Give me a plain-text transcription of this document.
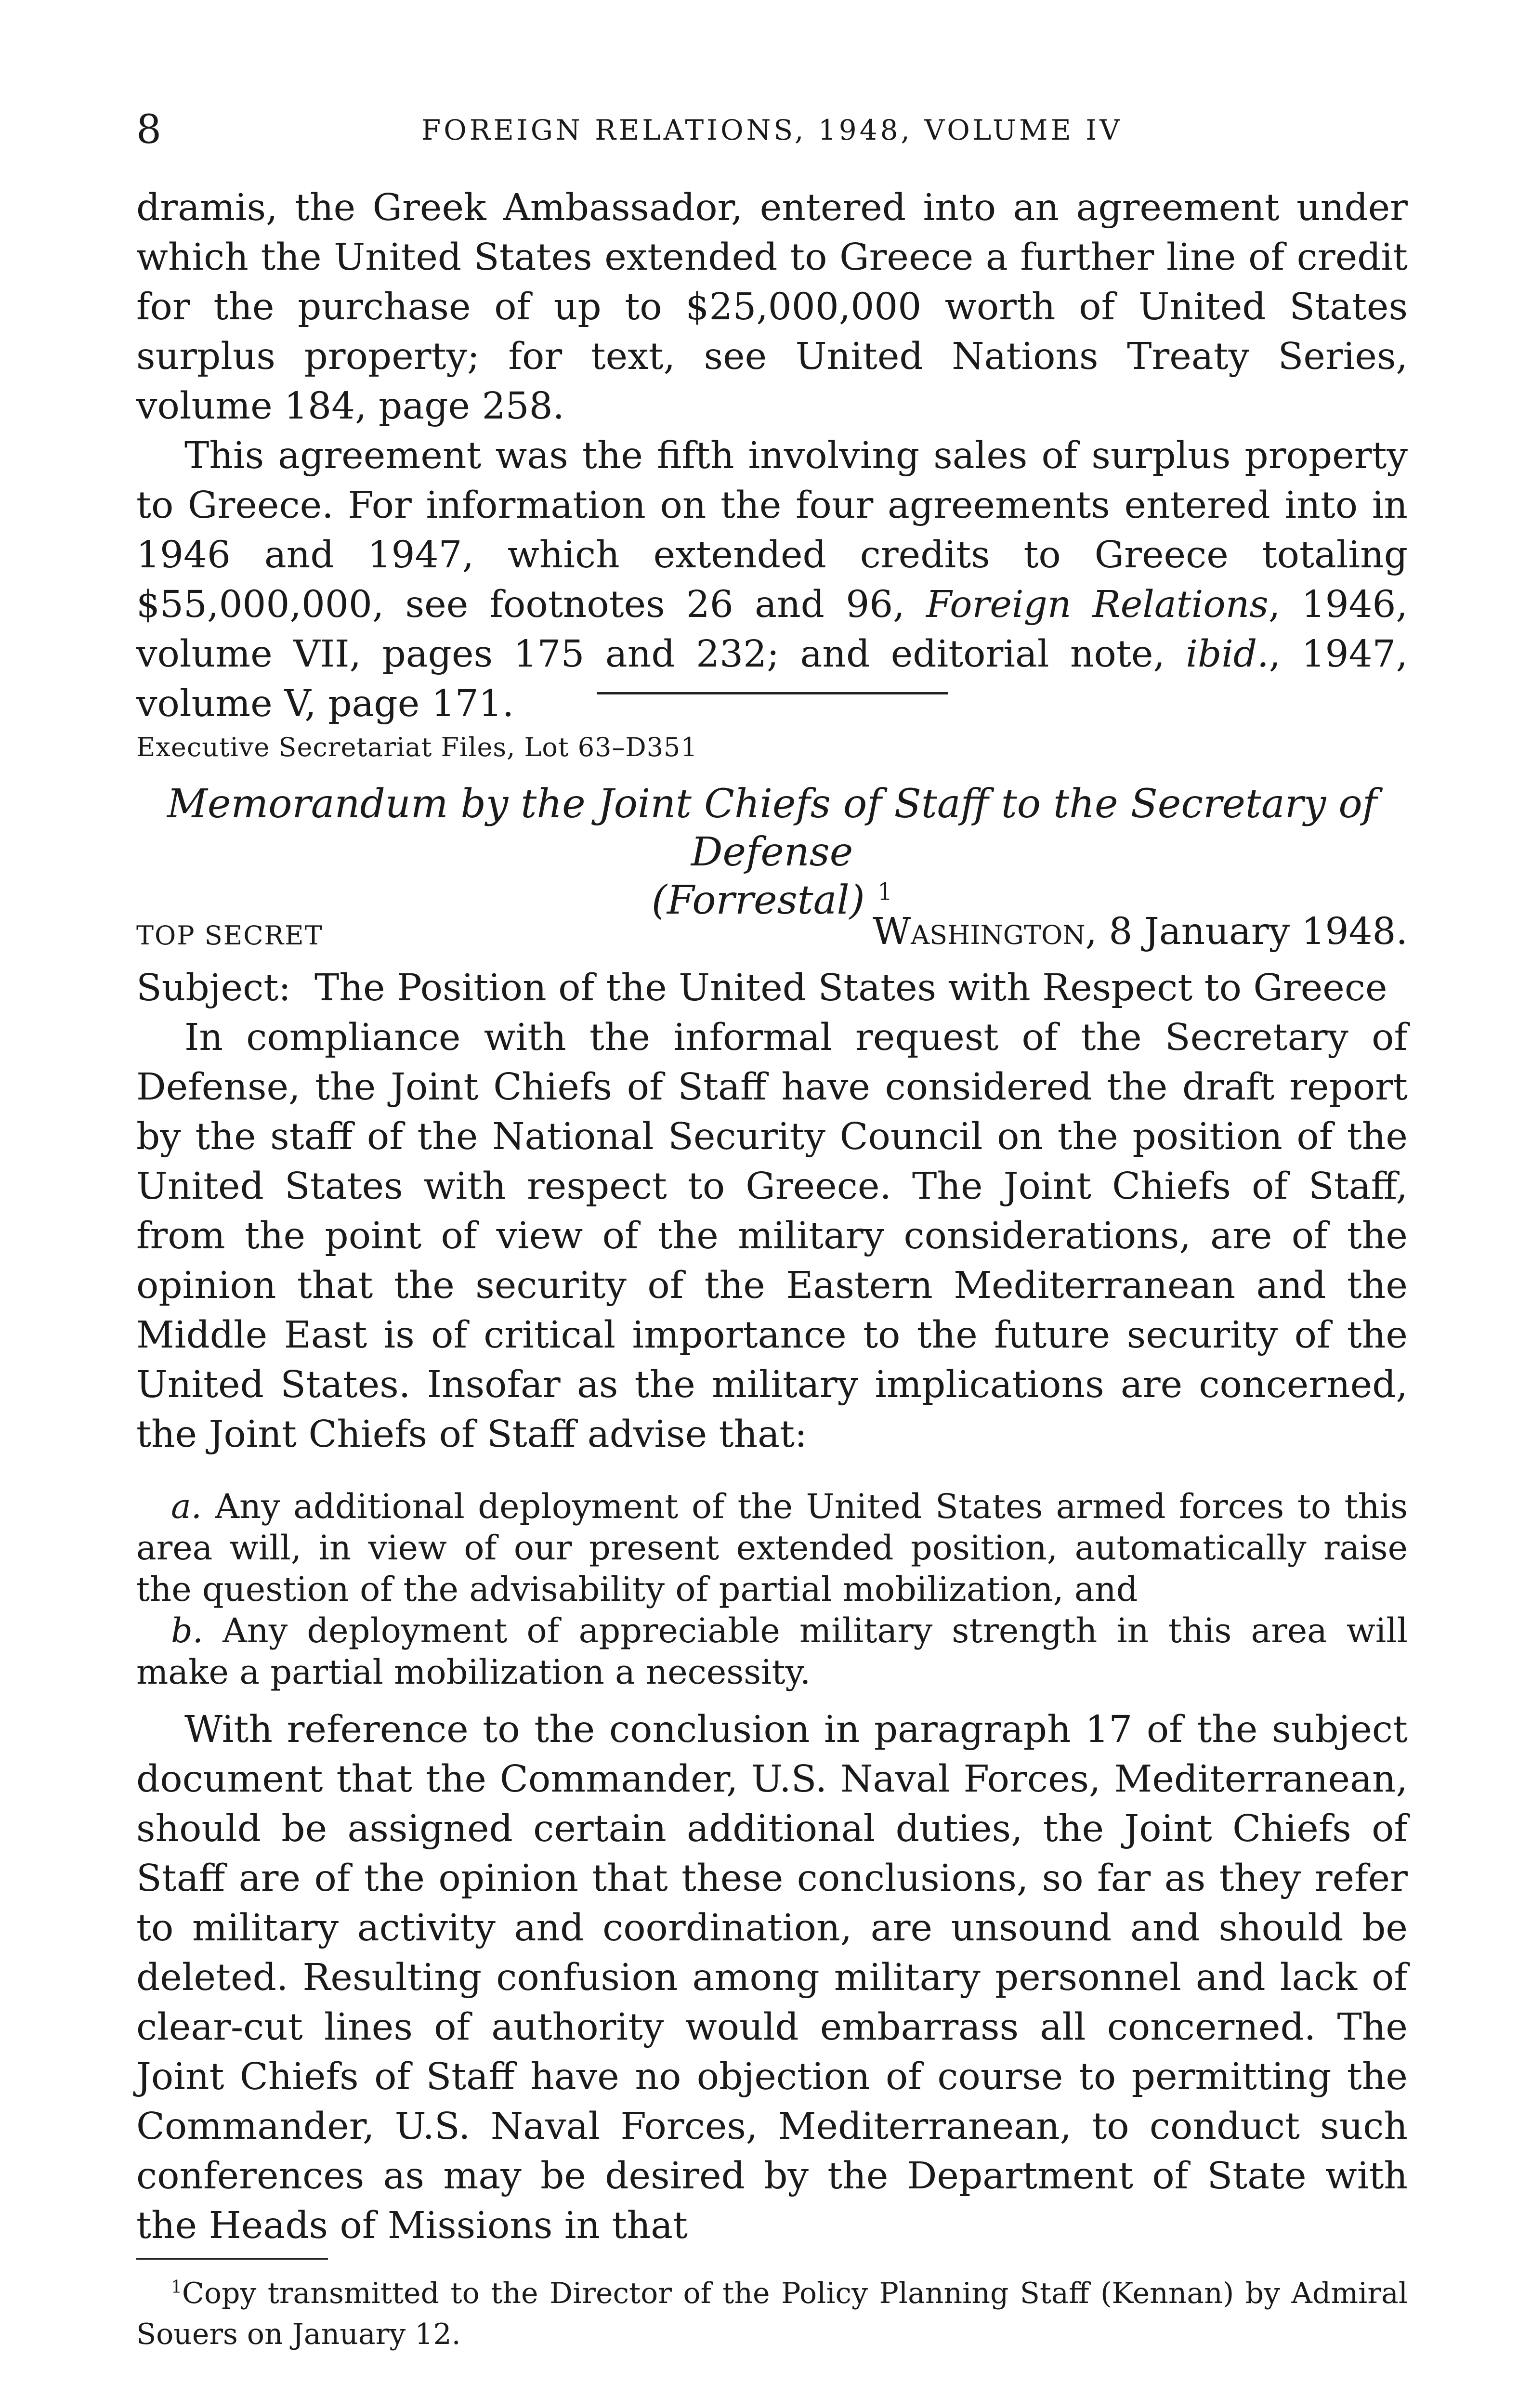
8	FOREIGN RELATIONS, 1948, VOLUME IV

dramis, the Greek Ambassador, entered into an agreement under which the United States extended to Greece a further line of credit for the purchase of up to $25,000,000 worth of United States surplus property; for text, see United Nations Treaty Series, volume 184, page 258.

This agreement was the fifth involving sales of surplus property to Greece. For information on the four agreements entered into in 1946 and 1947, which extended credits to Greece totaling $55,000,000, see footnotes 26 and 96, Foreign Relations, 1946, volume VII, pages 175 and 232; and editorial note, ibid., 1947, volume V, page 171.

Executive Secretariat Files, Lot 63–D351
Memorandum by the Joint Chiefs of Staff to the Secretary of Defense
(Forrestal) $^1$
TOP SECRET	Washington, 8 January 1948.

Subject: The Position of the United States with Respect to Greece

In compliance with the informal request of the Secretary of Defense, the Joint Chiefs of Staff have considered the draft report by the staff of the National Security Council on the position of the United States with respect to Greece. The Joint Chiefs of Staff, from the point of view of the military considerations, are of the opinion that the security of the Eastern Mediterranean and the Middle East is of critical importance to the future security of the United States. Insofar as the military implications are concerned, the Joint Chiefs of Staff advise that:

a. Any additional deployment of the United States armed forces to this area will, in view of our present extended position, automatically raise the question of the advisability of partial mobilization, and

b. Any deployment of appreciable military strength in this area will make a partial mobilization a necessity.

With reference to the conclusion in paragraph 17 of the subject document that the Commander, U.S. Naval Forces, Mediterranean, should be assigned certain additional duties, the Joint Chiefs of Staff are of the opinion that these conclusions, so far as they refer to military activity and coordination, are unsound and should be deleted. Resulting confusion among military personnel and lack of clear-cut lines of authority would embarrass all concerned. The Joint Chiefs of Staff have no objection of course to permitting the Commander, U.S. Naval Forces, Mediterranean, to conduct such conferences as may be desired by the Department of State with the Heads of Missions in that

$^1$Copy transmitted to the Director of the Policy Planning Staff (Kennan) by Admiral Souers on January 12.
